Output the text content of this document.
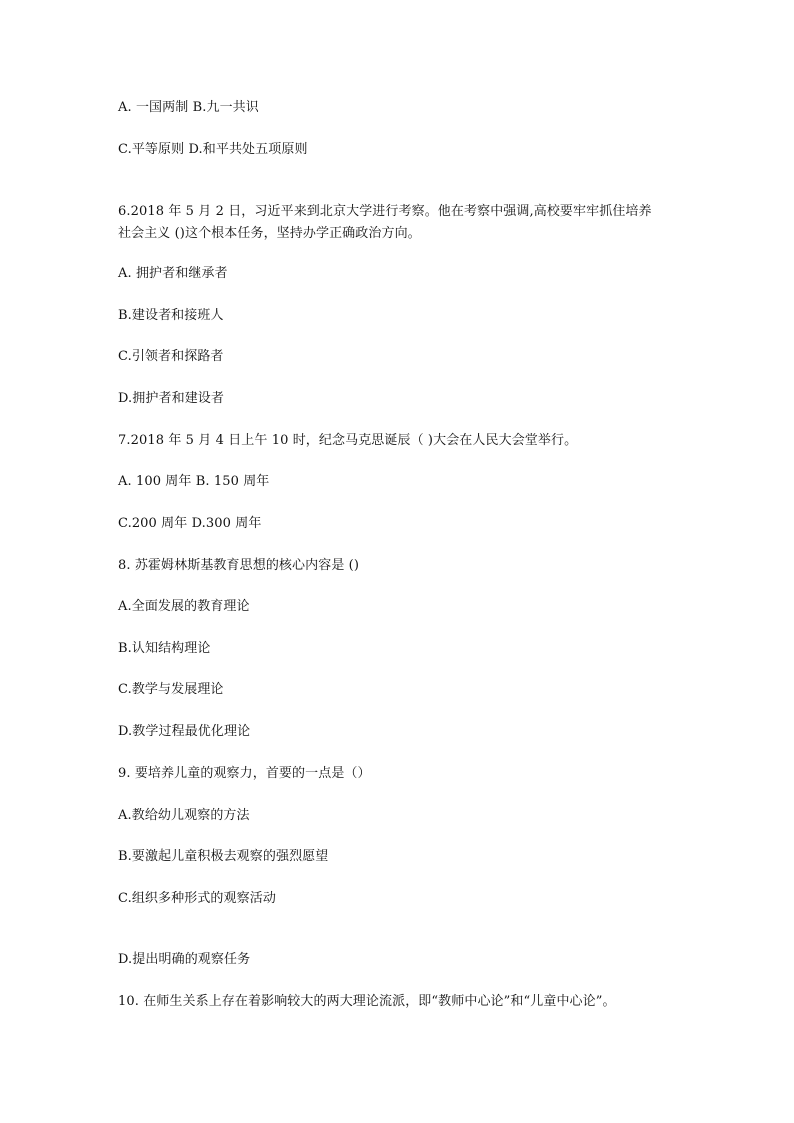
A. 一国两制 B.九一共识
C.平等原则 D.和平共处五项原则
6.2018 年 5 月 2 日，习近平来到北京大学进行考察。他在考察中强调,高校要牢牢抓住培养社会主义 ()这个根本任务，坚持办学正确政治方向。
A. 拥护者和继承者
B.建设者和接班人
C.引领者和探路者
D.拥护者和建设者
7.2018 年 5 月 4 日上午 10 时，纪念马克思诞辰（ )大会在人民大会堂举行。
A. 100 周年 B. 150 周年
C.200 周年 D.300 周年
8. 苏霍姆林斯基教育思想的核心内容是 ()
A.全面发展的教育理论
B.认知结构理论
C.教学与发展理论
D.教学过程最优化理论
9. 要培养儿童的观察力，首要的一点是（）
A.教给幼儿观察的方法
B.要激起儿童积极去观察的强烈愿望
C.组织多种形式的观察活动
D.提出明确的观察任务
10. 在师生关系上存在着影响较大的两大理论流派，即“教师中心论”和“儿童中心论”。
